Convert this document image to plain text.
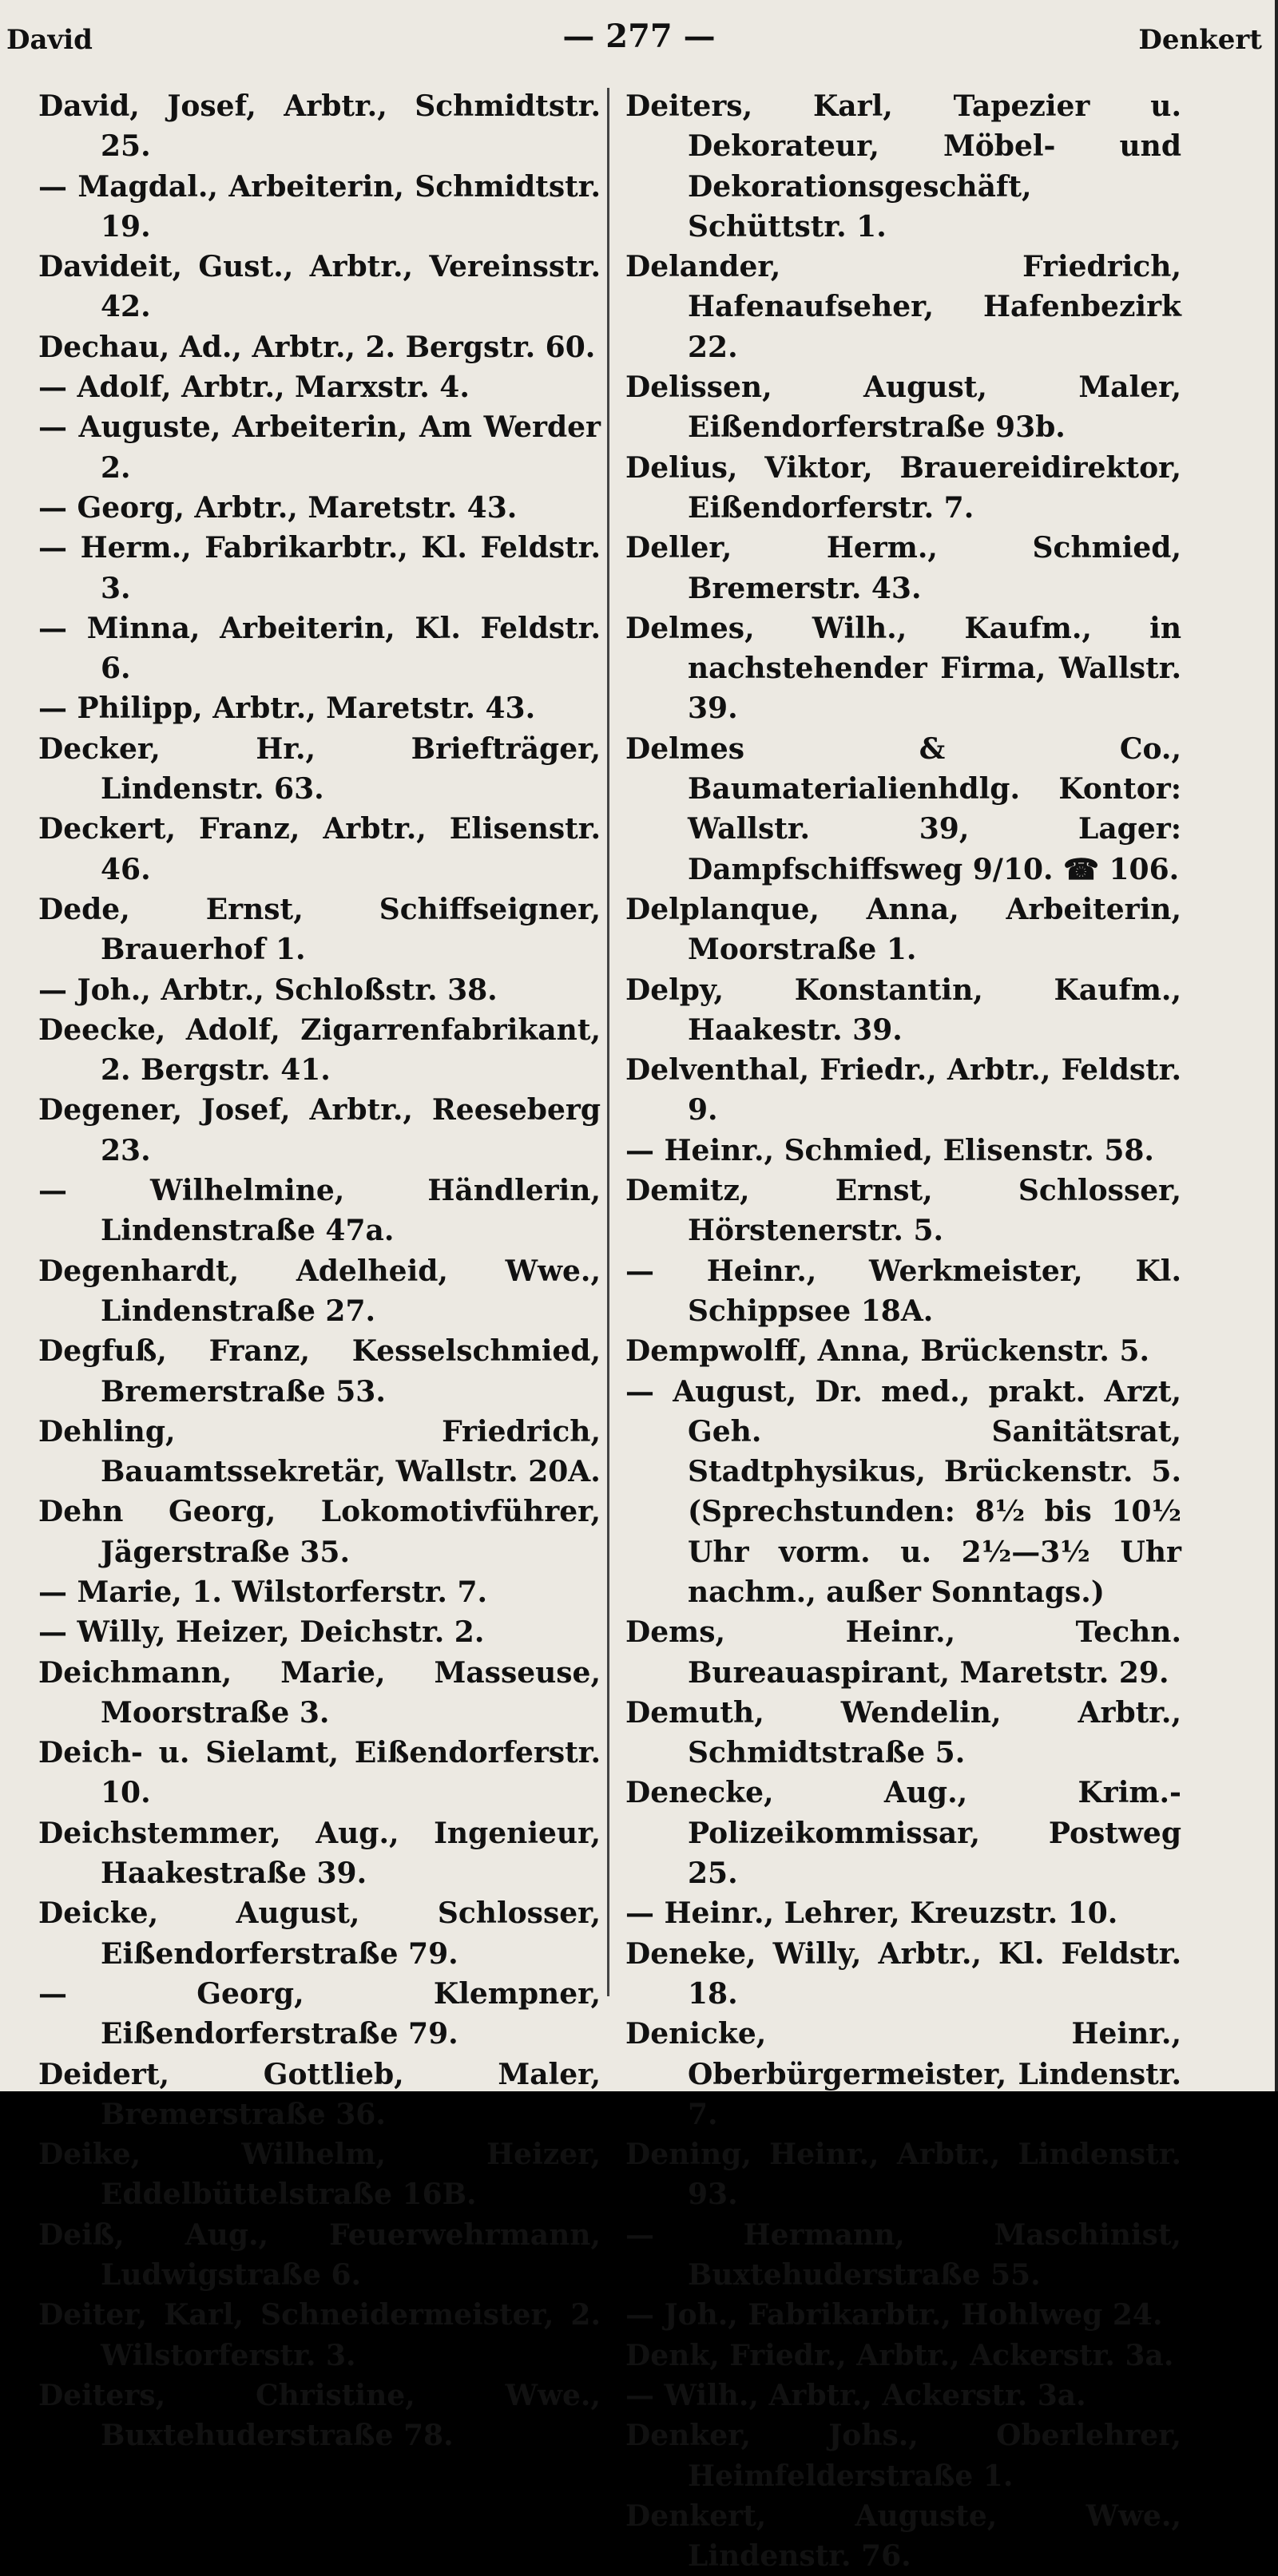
David	— 277 —	Denkert
David, Josef, Arbtr., Schmidtstr. 25.
— Magdal., Arbeiterin, Schmidtstr. 19.
Davideit, Gust., Arbtr., Vereinsstr. 42.
Dechau, Ad., Arbtr., 2. Bergstr. 60.
— Adolf, Arbtr., Marxstr. 4.
— Auguste, Arbeiterin, Am Werder 2.
— Georg, Arbtr., Maretstr. 43.
— Herm., Fabrikarbtr., Kl. Feldstr. 3.
— Minna, Arbeiterin, Kl. Feldstr. 6.
— Philipp, Arbtr., Maretstr. 43.
Decker, Hr., Briefträger, Lindenstr. 63.
Deckert, Franz, Arbtr., Elisenstr. 46.
Dede, Ernst, Schiffseigner, Brauerhof 1.
— Joh., Arbtr., Schloßstr. 38.
Deecke, Adolf, Zigarrenfabrikant, 2. Bergstr. 41.
Degener, Josef, Arbtr., Reeseberg 23.
— Wilhelmine, Händlerin, Lindenstraße 47a.
Degenhardt, Adelheid, Wwe., Lindenstraße 27.
Degfuß, Franz, Kesselschmied, Bremerstraße 53.
Dehling, Friedrich, Bauamtssekretär, Wallstr. 20A.
Dehn Georg, Lokomotivführer, Jägerstraße 35.
— Marie, 1. Wilstorferstr. 7.
— Willy, Heizer, Deichstr. 2.
Deichmann, Marie, Masseuse, Moorstraße 3.
Deich- u. Sielamt, Eißendorferstr. 10.
Deichstemmer, Aug., Ingenieur, Haakestraße 39.
Deicke, August, Schlosser, Eißendorferstraße 79.
— Georg, Klempner, Eißendorferstraße 79.
Deidert, Gottlieb, Maler, Bremerstraße 36.
Deike, Wilhelm, Heizer, Eddelbüttelstraße 16B.
Deiß, Aug., Feuerwehrmann, Ludwigstraße 6.
Deiter, Karl, Schneidermeister, 2. Wilstorferstr. 3.
Deiters, Christine, Wwe., Buxtehuderstraße 78.
Deiters, Karl, Tapezier u. Dekorateur, Möbel- und Dekorationsgeschäft, Schüttstr. 1.
Delander, Friedrich, Hafenaufseher, Hafenbezirk 22.
Delissen, August, Maler, Eißendorferstraße 93b.
Delius, Viktor, Brauereidirektor, Eißendorferstr. 7.
Deller, Herm., Schmied, Bremerstr. 43.
Delmes, Wilh., Kaufm., in nachstehender Firma, Wallstr. 39.
Delmes & Co., Baumaterialienhdlg. Kontor: Wallstr. 39, Lager: Dampfschiffsweg 9/10. ☎ 106.
Delplanque, Anna, Arbeiterin, Moorstraße 1.
Delpy, Konstantin, Kaufm., Haakestr. 39.
Delventhal, Friedr., Arbtr., Feldstr. 9.
— Heinr., Schmied, Elisenstr. 58.
Demitz, Ernst, Schlosser, Hörstenerstr. 5.
— Heinr., Werkmeister, Kl. Schippsee 18A.
Dempwolff, Anna, Brückenstr. 5.
— August, Dr. med., prakt. Arzt, Geh. Sanitätsrat, Stadtphysikus, Brückenstr. 5. (Sprechstunden: 8½ bis 10½ Uhr vorm. u. 2½—3½ Uhr nachm., außer Sonntags.)
Dems, Heinr., Techn. Bureauaspirant, Maretstr. 29.
Demuth, Wendelin, Arbtr., Schmidtstraße 5.
Denecke, Aug., Krim.-Polizeikommissar, Postweg 25.
— Heinr., Lehrer, Kreuzstr. 10.
Deneke, Willy, Arbtr., Kl. Feldstr. 18.
Denicke, Heinr., Oberbürgermeister, Lindenstr. 7.
Dening, Heinr., Arbtr., Lindenstr. 93.
— Hermann, Maschinist, Buxtehuderstraße 55.
— Joh., Fabrikarbtr., Hohlweg 24.
Denk, Friedr., Arbtr., Ackerstr. 3a.
— Wilh., Arbtr., Ackerstr. 3a.
Denker, Johs., Oberlehrer, Heimfelderstraße 1.
Denkert, Auguste, Wwe., Lindenstr. 76.
